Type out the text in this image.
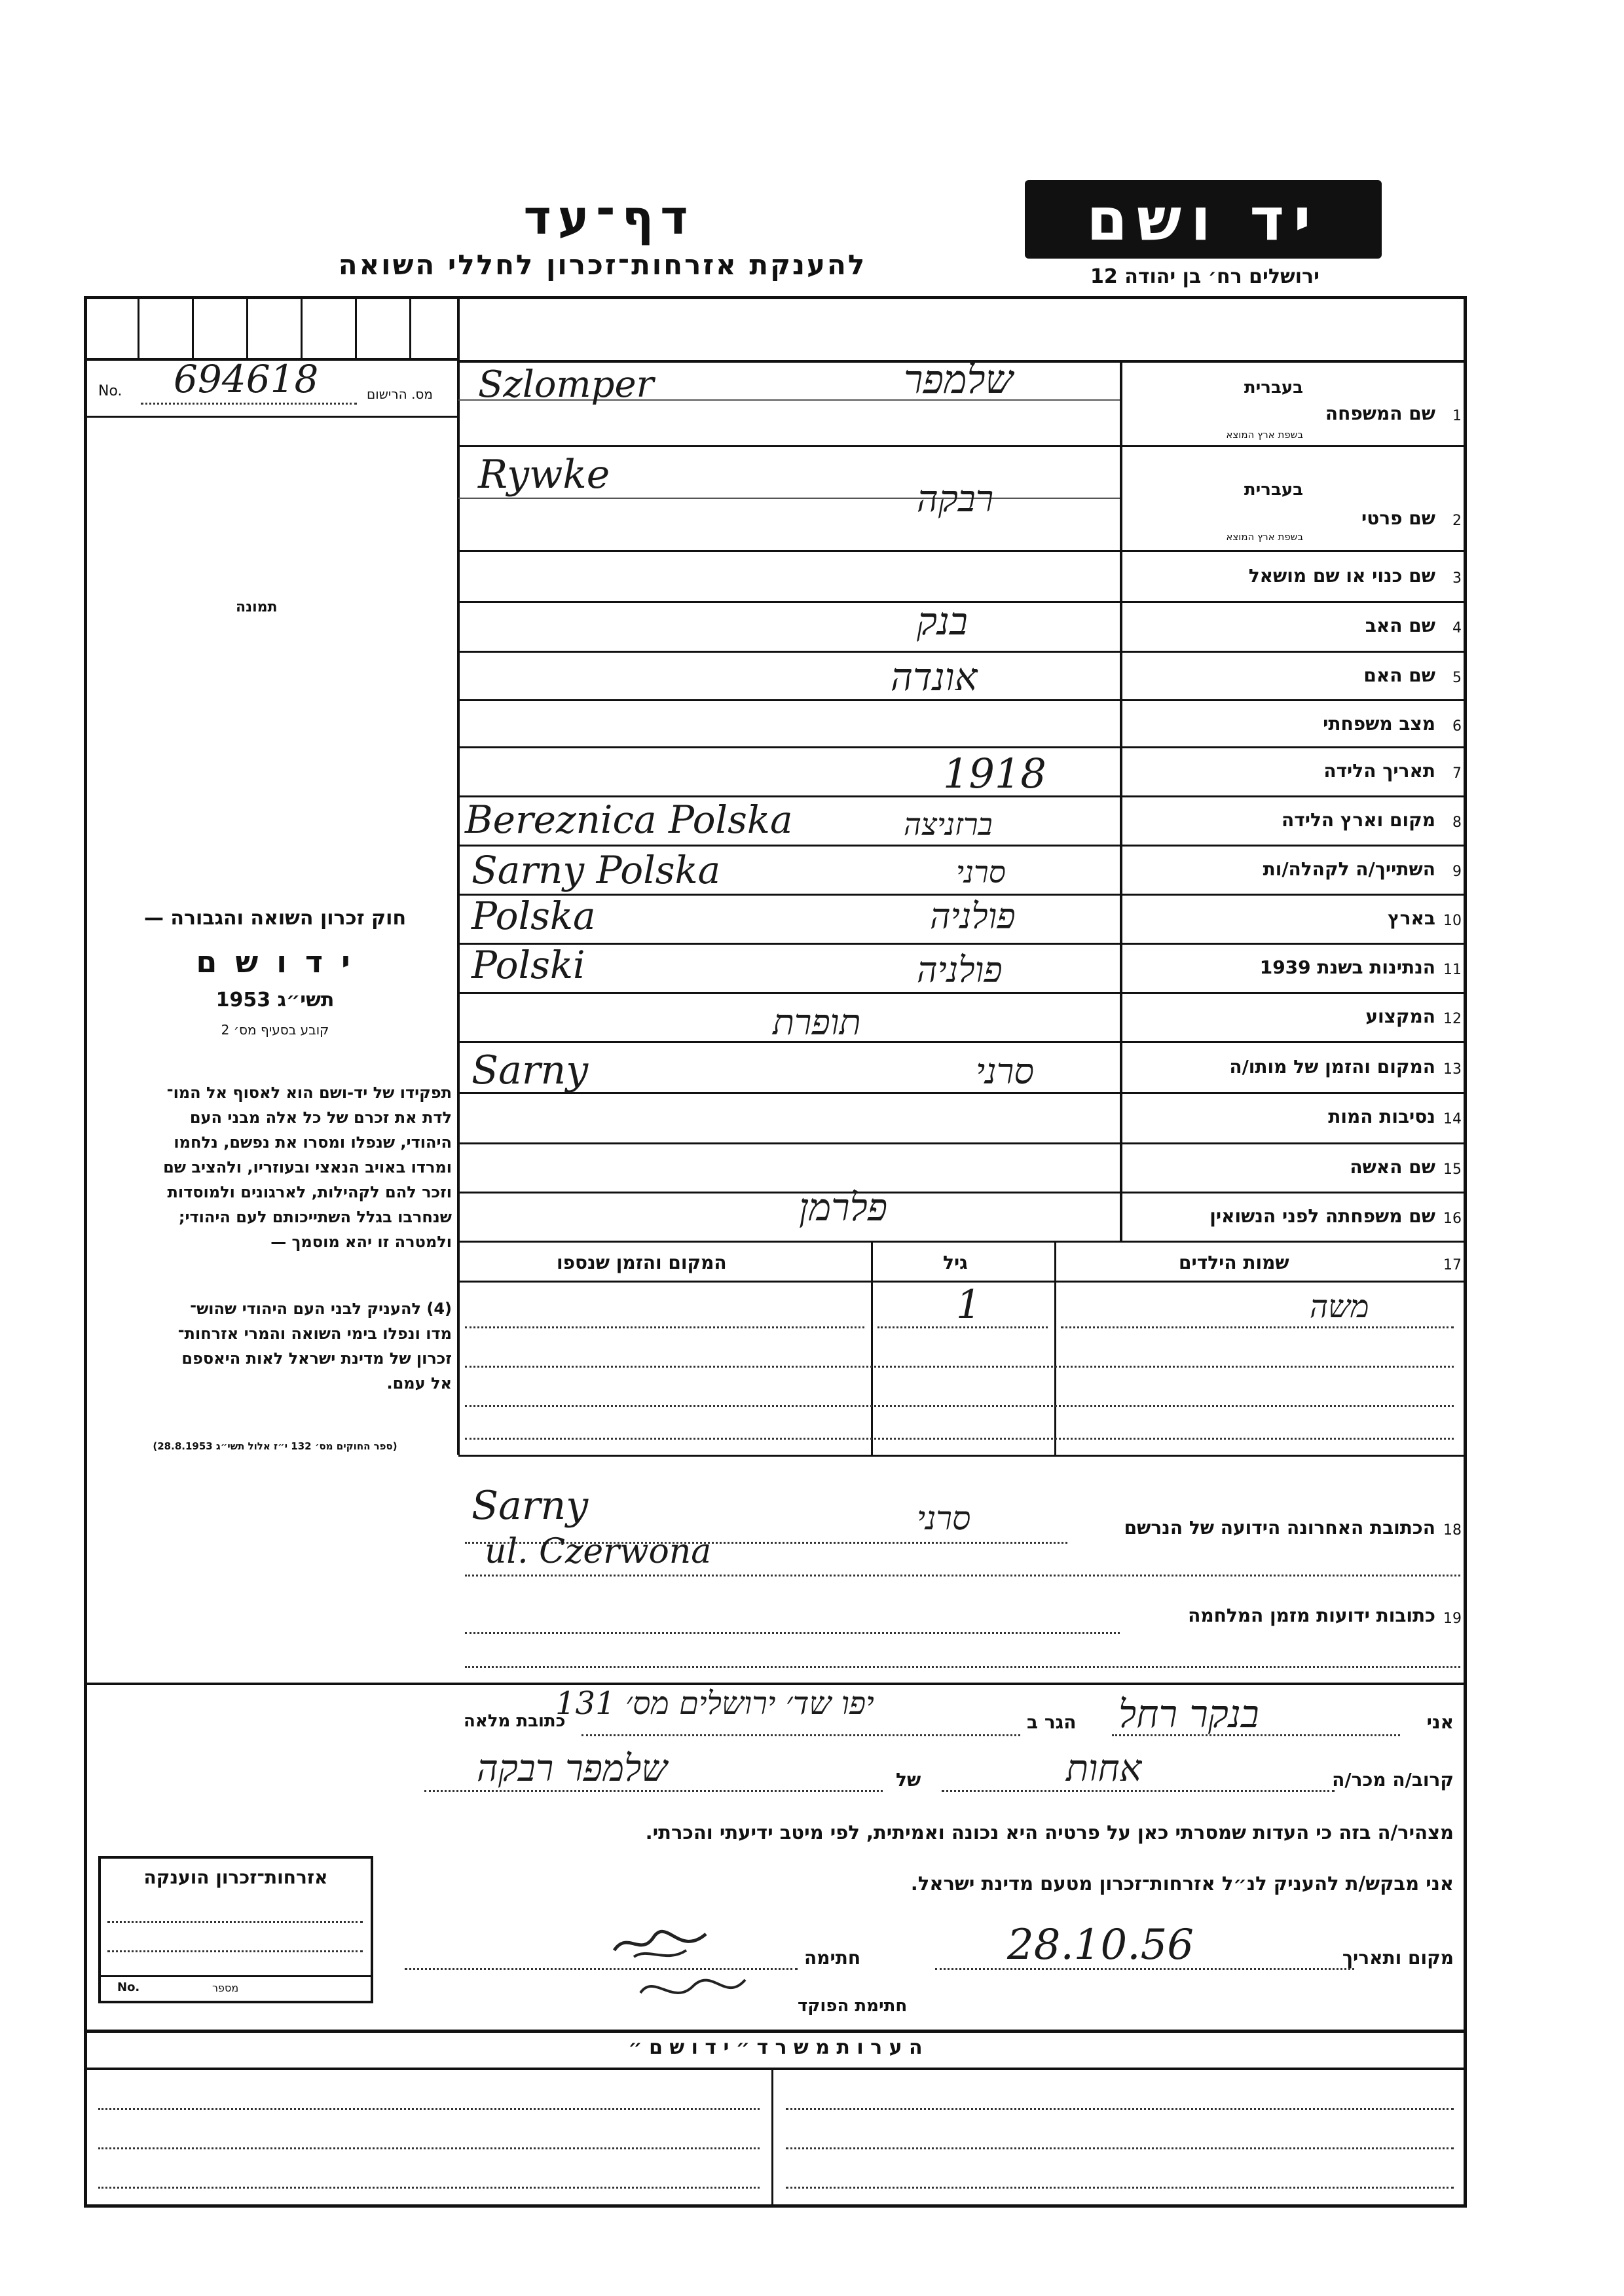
יד ושם
ירושלים רח׳ בן יהודה 12
דף־עד
להענקת אזרחות־זכרון לחללי השואה
No. 694618	מס. הרישום
תמונה
חוק זכרון השואה והגבורה —
י ד ו ש ם
תשי״ג 1953
קובע בסעיף מס׳ 2
תפקידו של יד-ושם הוא לאסוף אל המו־
לדת את זכרם של כל אלה מבני העם
היהודי, שנפלו ומסרו את נפשם, נלחמו
ומרדו באויב הנאצי ובעוזריו, ולהציב שם
וזכר להם לקהילות, לארגונים ולמוסדות
שנחרבו בגלל השתייכותם לעם היהודי;
ולמטרה זו יהא מוסמך —
(4) להעניק לבני העם היהודי שהוש־
מדו ונפלו בימי השואה והמרי אזרחות־
זכרון של מדינת ישראל לאות היאספם
אל עמם.
(ספר החוקים מס׳ 132 י״ז אלול תשי״ג 28.8.1953)
1
שם המשפחה
בעברית
בשפת ארץ המוצא
שלמפר
Szlomper
2
שם פרטי
בעברית
בשפת ארץ המוצא
רבקה
Rywke
3
שם כנוי או שם מושאל
4
שם האב
בנק
5
שם האם
אונדה
6
מצב משפחתי
7
תאריך הלידה
1918
8
מקום וארץ הלידה
ברזניצה
Bereznica Polska
9
השתייך/ה לקהלה/ות
סרני
Sarny Polska
10
בארץ
פולניה
Polska
11
הנתינות בשנת 1939
פולניה
Polski
12
המקצוע
תופרת
13
המקום והזמן של מותו/ה
סרני
Sarny
14
נסיבות המות
15
שם האשה
16
שם משפחתה לפני הנשואין
פלרמן
17
שמות הילדים
גיל
המקום והזמן שנספו
משה
1
18
הכתובת האחרונה הידועה של הנרשם
סרני
Sarny
ul. Czerwona
19
כתובות ידועות מזמן המלחמה
אני
בנקר רחל
הגר ב
יפו שד׳ ירושלים מס׳ 131
כתובת מלאה
קרוב/ה מכר/ה
אחות
של
שלמפר רבקה
מצהיר/ה בזה כי העדות שמסרתי כאן על פרטיה היא נכונה ואמיתית, לפי מיטב ידיעתי והכרתי.
אני מבקש/ת להעניק לנ״ל אזרחות־זכרון מטעם מדינת ישראל.
מקום ותאריך
28.10.56
חתימה
חתימת הפוקד
אזרחות־זכרון הוענקה
No.	מספר
ה ע ר ו ת מ ש ר ד ״ י ד ו ש ם ״
